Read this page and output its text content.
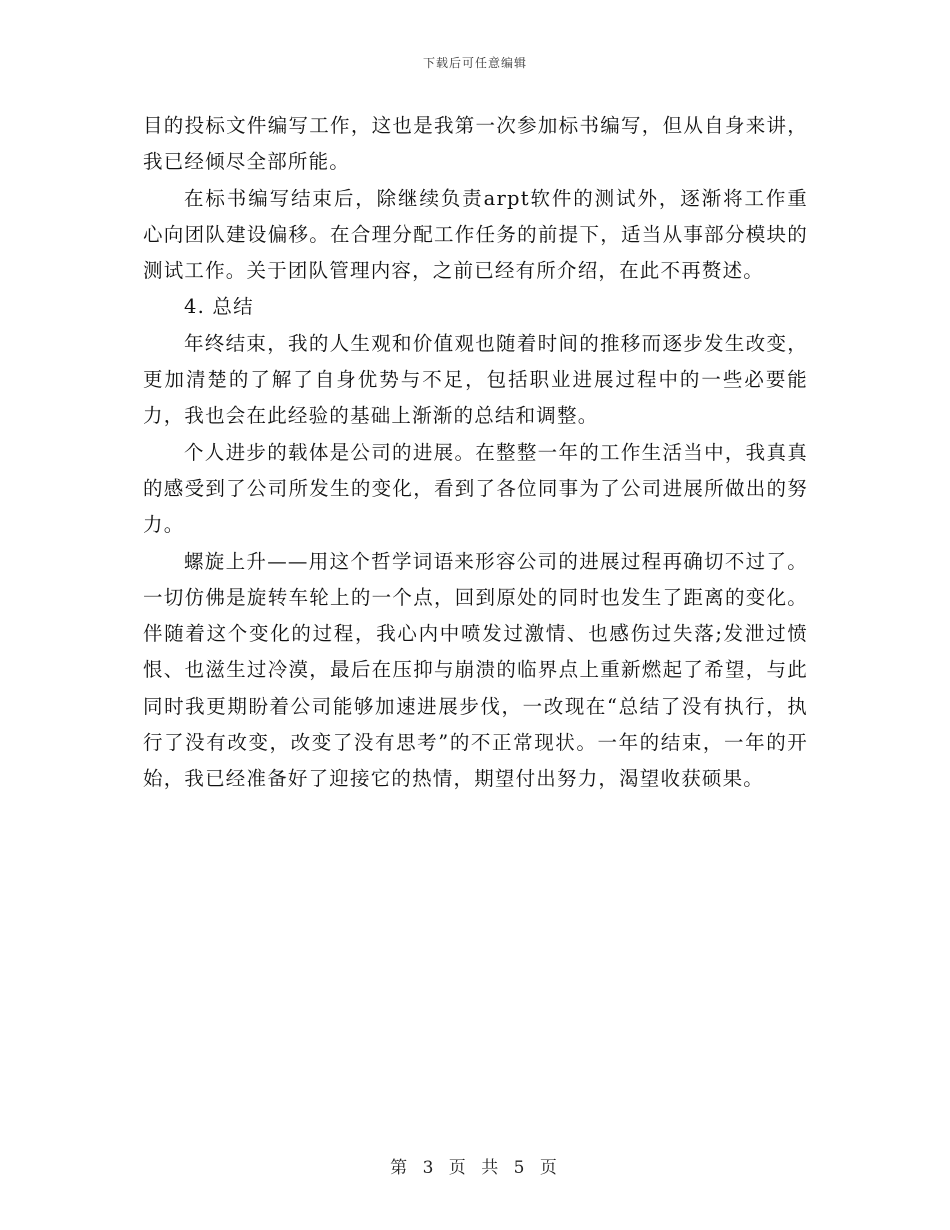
下载后可任意编辑

目的投标文件编写工作，这也是我第一次参加标书编写，但从自身来讲，我已经倾尽全部所能。

在标书编写结束后，除继续负责arpt软件的测试外，逐渐将工作重心向团队建设偏移。在合理分配工作任务的前提下，适当从事部分模块的测试工作。关于团队管理内容，之前已经有所介绍，在此不再赘述。

4. 总结

年终结束，我的人生观和价值观也随着时间的推移而逐步发生改变，更加清楚的了解了自身优势与不足，包括职业进展过程中的一些必要能力，我也会在此经验的基础上渐渐的总结和调整。

个人进步的载体是公司的进展。在整整一年的工作生活当中，我真真的感受到了公司所发生的变化，看到了各位同事为了公司进展所做出的努力。

螺旋上升——用这个哲学词语来形容公司的进展过程再确切不过了。一切仿佛是旋转车轮上的一个点，回到原处的同时也发生了距离的变化。伴随着这个变化的过程，我心内中喷发过激情、也感伤过失落;发泄过愤恨、也滋生过冷漠，最后在压抑与崩溃的临界点上重新燃起了希望，与此同时我更期盼着公司能够加速进展步伐，一改现在“总结了没有执行，执行了没有改变，改变了没有思考”的不正常现状。一年的结束，一年的开始，我已经准备好了迎接它的热情，期望付出努力，渴望收获硕果。

第 3 页 共 5 页
